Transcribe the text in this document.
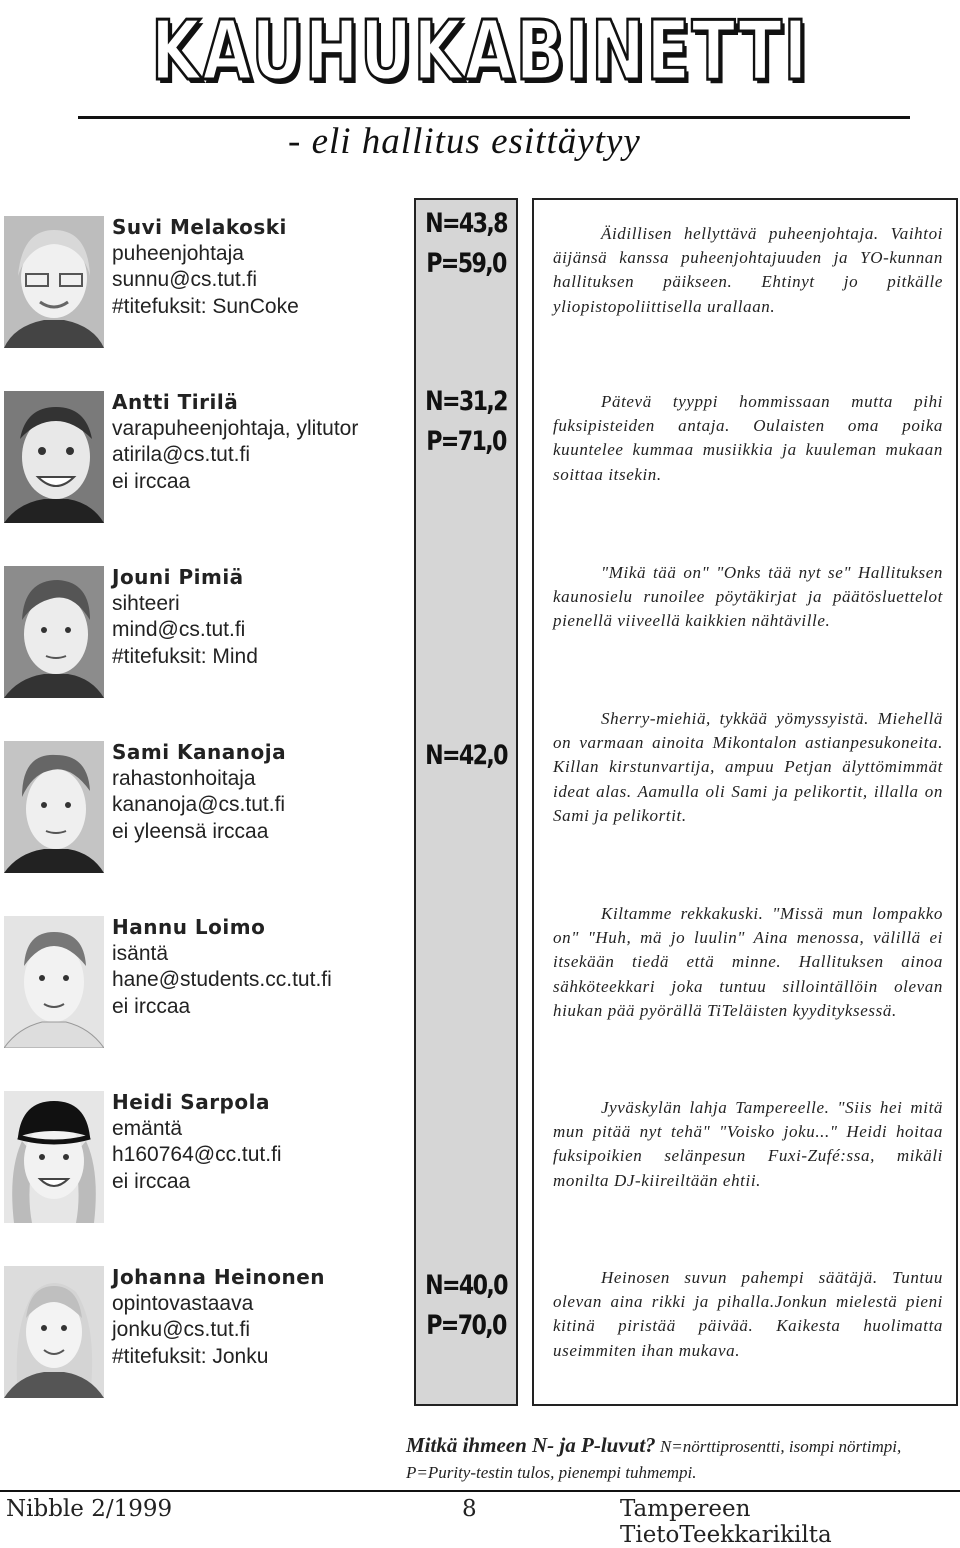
KAUHUKABINETTI
- eli hallitus esittäytyy
Suvi Melakoski
puheenjohtaja
sunnu@cs.tut.fi
#titefuksit: SunCoke
N=43,8
P=59,0
Äidillisen hellyttävä puheenjohtaja. Vaihtoi äijänsä kanssa puheenjohtajuuden ja YO-kunnan hallituksen päikseen. Ehtinyt jo pitkälle yliopistopoliittisella urallaan.
Antti Tirilä
varapuheenjohtaja, ylitutor
atirila@cs.tut.fi
ei irccaa
N=31,2
P=71,0
Pätevä tyyppi hommissaan mutta pihi fuksipisteiden antaja. Oulaisten oma poika kuuntelee kummaa musiikkia ja kuuleman mukaan soittaa itsekin.
Jouni Pimiä
sihteeri
mind@cs.tut.fi
#titefuksit: Mind
"Mikä tää on" "Onks tää nyt se" Hallituksen kaunosielu runoilee pöytäkirjat ja päätösluettelot pienellä viiveellä kaikkien nähtäville.
Sami Kananoja
rahastonhoitaja
kananoja@cs.tut.fi
ei yleensä irccaa
N=42,0
Sherry-miehiä, tykkää yömyssyistä. Miehellä on varmaan ainoita Mikontalon astianpesukoneita. Killan kirstunvartija, ampuu Petjan älyttömimmät ideat alas. Aamulla oli Sami ja pelikortit, illalla on Sami ja pelikortit.
Hannu Loimo
isäntä
hane@students.cc.tut.fi
ei irccaa
Kiltamme rekkakuski. "Missä mun lompakko on" "Huh, mä jo luulin" Aina menossa, välillä ei itsekään tiedä että minne. Hallituksen ainoa sähköteekkari joka tuntuu sillointällöin olevan hiukan pää pyörällä TiTeläisten kyydityksessä.
Heidi Sarpola
emäntä
h160764@cc.tut.fi
ei irccaa
Jyväskylän lahja Tampereelle. "Siis hei mitä mun pitää nyt tehä" "Voisko joku..." Heidi hoitaa fuksipoikien selänpesun Fuxi-Zufé:ssa, mikäli monilta DJ-kiireiltään ehtii.
Johanna Heinonen
opintovastaava
jonku@cs.tut.fi
#titefuksit: Jonku
N=40,0
P=70,0
Heinosen suvun pahempi säätäjä. Tuntuu olevan aina rikki ja pihalla.Jonkun mielestä pieni kitinä piristää päivää. Kaikesta huolimatta useimmiten ihan mukava.
Mitkä ihmeen N- ja P-luvut? N=nörttiprosentti, isompi nörtimpi, P=Purity-testin tulos, pienempi tuhmempi.
Nibble 2/1999	8	Tampereen TietoTeekkarikilta
